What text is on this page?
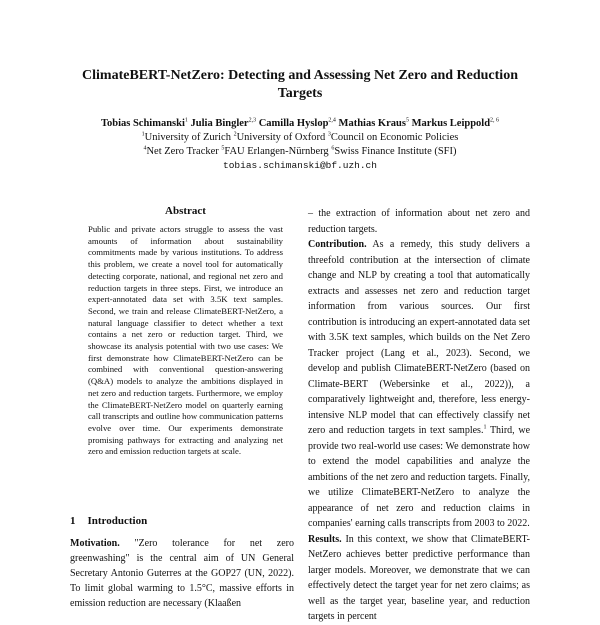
ClimateBERT-NetZero: Detecting and Assessing Net Zero and Reduction
Targets
Tobias Schimanski$^1$ Julia Bingler$^{2,3}$ Camilla Hyslop$^{2,4}$ Mathias Kraus$^5$ Markus Leippold$^{2, 6}$
$^1$University of Zurich $^2$University of Oxford $^3$Council on Economic Policies
$^4$Net Zero Tracker $^5$FAU Erlangen-Nürnberg $^6$Swiss Finance Institute (SFI)
tobias.schimanski@bf.uzh.ch
Abstract

Public and private actors struggle to assess the vast amounts of information about sustainability commitments made by various institutions. To address this problem, we create a novel tool for automatically detecting corporate, national, and regional net zero and reduction targets in three steps. First, we introduce an expert-annotated data set with 3.5K text samples. Second, we train and release ClimateBERT-NetZero, a natural language classifier to detect whether a text contains a net zero or reduction target. Third, we showcase its analysis potential with two use cases: We first demonstrate how ClimateBERT-NetZero can be combined with conventional question-answering (Q&A) models to analyze the ambitions displayed in net zero and reduction targets. Furthermore, we employ the ClimateBERT-NetZero model on quarterly earning call transcripts and outline how communication patterns evolve over time. Our experiments demonstrate promising pathways for extracting and analyzing net zero and emission reduction targets at scale.

1 Introduction

Motivation. "Zero tolerance for net zero greenwashing" is the central aim of UN General Secretary Antonio Guterres at the GOP27 (UN, 2022). To limit global warming to 1.5°C, massive efforts in emission reduction are necessary (Klaaßen

– the extraction of information about net zero and reduction targets.

Contribution. As a remedy, this study delivers a threefold contribution at the intersection of climate change and NLP by creating a tool that automatically extracts and assesses net zero and reduction target information from various sources. Our first contribution is introducing an expert-annotated data set with 3.5K text samples, which builds on the Net Zero Tracker project (Lang et al., 2023). Second, we develop and publish ClimateBERT-NetZero (based on Climate-BERT (Webersinke et al., 2022)), a comparatively lightweight and, therefore, less energy-intensive NLP model that can effectively classify net zero and reduction targets in text samples.$^1$ Third, we provide two real-world use cases: We demonstrate how to extend the model capabilities and analyze the ambitions of the net zero and reduction targets. Finally, we utilize ClimateBERT-NetZero to analyze the appearance of net zero and reduction claims in companies' earning calls transcripts from 2003 to 2022.

Results. In this context, we show that ClimateBERT-NetZero achieves better predictive performance than larger models. Moreover, we demonstrate that we can effectively detect the target year for net zero claims; as well as the target year, baseline year, and reduction targets in percent
